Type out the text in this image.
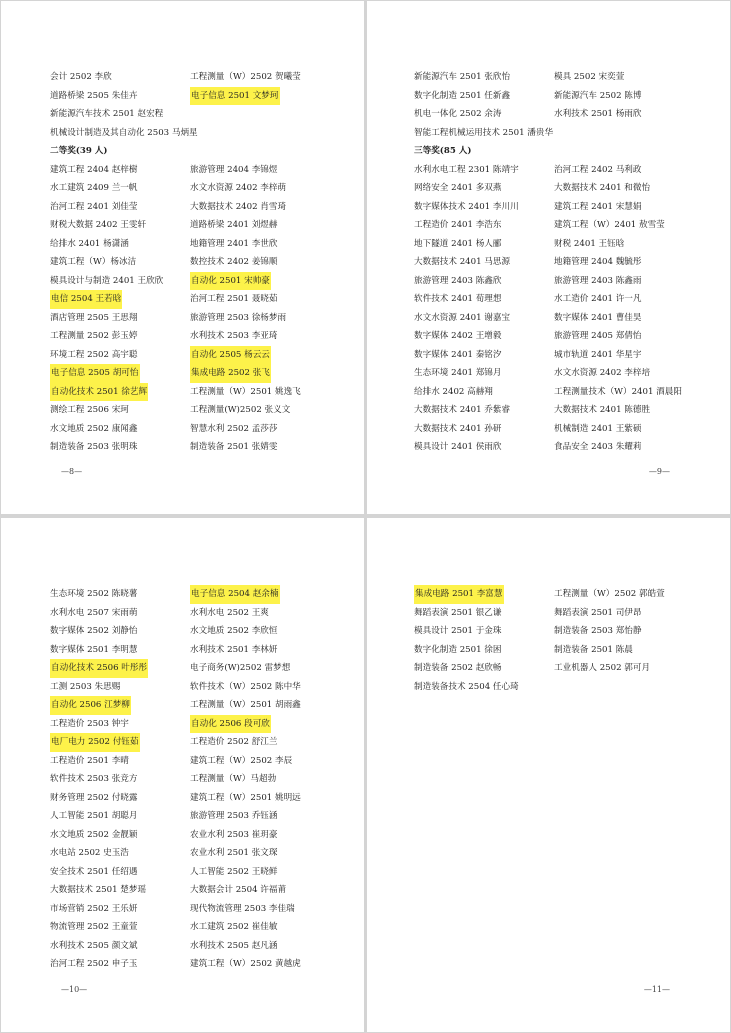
会计 2502 李欣	工程测量（W）2502 贺曦莹
道路桥梁 2505 朱佳卉	电子信息 2501 文梦珂
新能源汽车技术 2501 赵宏程
机械设计制造及其自动化 2503 马炳星
二等奖(39 人)
建筑工程 2404 赵梓樹	旅游管理 2404 李锦煜
水工建筑 2409 兰一帆	水文水资源 2402 李梓萌
治河工程 2401 刘佳莹	大数据技术 2402 肖雪琦
财税大数据 2402 王雯轩	道路桥梁 2401 刘煜赫
给排水 2401 杨潇涵	地籍管理 2401 李世欣
建筑工程（W）杨冰洁	数控技术 2402 姜锦顺
模具设计与制造 2401 王欣欣	自动化 2501 宋帅豪
电信 2504 王若晗	治河工程 2501 聂晓茹
酒店管理 2505 王思翔	旅游管理 2503 徐杨梦雨
工程测量 2502 彭玉婷	水利技术 2503 李亚琦
环境工程 2502 高宇聪	自动化 2505 杨云云
电子信息 2505 胡可怡	集成电路 2502 张飞
自动化技术 2501 徐艺辉	工程测量（W）2501 姚逸飞
测绘工程 2506 宋珂	工程测量(W)2502 张义文
水文地质 2502 康闻鑫	智慧水利 2502 孟莎莎
制造装备 2503 张明珠	制造装备 2501 张婧雯
—8—
新能源汽车 2501 张欣怡	模具 2502 宋奕萱
数字化制造 2501 任新鑫	新能源汽车 2502 陈博
机电一体化 2502 余涛	水利技术 2501 杨雨欣
智能工程机械运用技术 2501 潘贵华
三等奖(85 人)
水利水电工程 2301 陈靖宇	治河工程 2402 马利政
网络安全 2401 多双燕	大数据技术 2401 和微怡
数字媒体技术 2401 李川川	建筑工程 2401 宋慧娟
工程造价 2401 李浩东	建筑工程（W）2401 敖雪莹
地下隧道 2401 杨人郦	财税 2401 王钰晗
大数据技术 2401 马思源	地籍管理 2404 魏毓彤
旅游管理 2403 陈鑫欣	旅游管理 2403 陈鑫雨
软件技术 2401 荀理想	水工造价 2401 许一凡
水文水资源 2401 谢嘉宝	数字媒体 2401 曹佳昊
数字媒体 2402 王增毅	旅游管理 2405 郑倩怡
数字媒体 2401 秦铭汐	城市轨道 2401 华星宇
生态环境 2401 郑锦月	水文水资源 2402 李梓培
给排水 2402 高赫翔	工程测量技术（W）2401 酒晨阳
大数据技术 2401 乔紫睿	大数据技术 2401 陈德胜
大数据技术 2401 孙研	机械制造 2401 王紫硕
模具设计 2401 侯雨欣	食品安全 2403 朱耀莉
—9—
生态环境 2502 陈晓薯	电子信息 2504 赵余楠
水利水电 2507 宋雨萌	水利水电 2502 王爽
数字媒体 2502 刘静怡	水文地质 2502 李欣恒
数字媒体 2501 李明慧	水利技术 2501 李林妍
自动化技术 2506 叶彤彤	电子商务(W)2502 雷梦想
工测 2503 朱思赐	软件技术（W）2502 陈中华
自动化 2506 江梦柳	工程测量（W）2501 胡雨鑫
工程造价 2503 钟宇	自动化 2506 段可欣
电厂电力 2502 付钰茹	工程造价 2502 舒江兰
工程造价 2501 李晴	建筑工程（W）2502 李辰
软件技术 2503 张竞方	工程测量（W）马超勃
财务管理 2502 付晓露	建筑工程（W）2501 姚明远
人工智能 2501 胡聪月	旅游管理 2503 乔钰涵
水文地质 2502 金靓颖	农业水利 2503 崔玥豪
水电站 2502 史玉浩	农业水利 2501 张文琛
安全技术 2501 任绍遇	人工智能 2502 王晓鲜
大数据技术 2501 楚梦瑶	大数据会计 2504 许福莆
市场营销 2502 王乐妍	现代物流管理 2503 李佳瑞
物流管理 2502 王童萱	水工建筑 2502 崔佳敏
水利技术 2505 颜文斌	水利技术 2505 赵凡涵
治河工程 2502 申子玉	建筑工程（W）2502 黄越虎
—10—
集成电路 2501 李富慧	工程测量（W）2502 郭皓萱
舞蹈表演 2501 银乙谦	舞蹈表演 2501 司伊昂
模具设计 2501 于金珠	制造装备 2503 郑怡静
数字化制造 2501 徐困	制造装备 2501 陈晨
制造装备 2502 赵欣畅	工业机器人 2502 郭可月
制造装备技术 2504 任心琦
—11—
